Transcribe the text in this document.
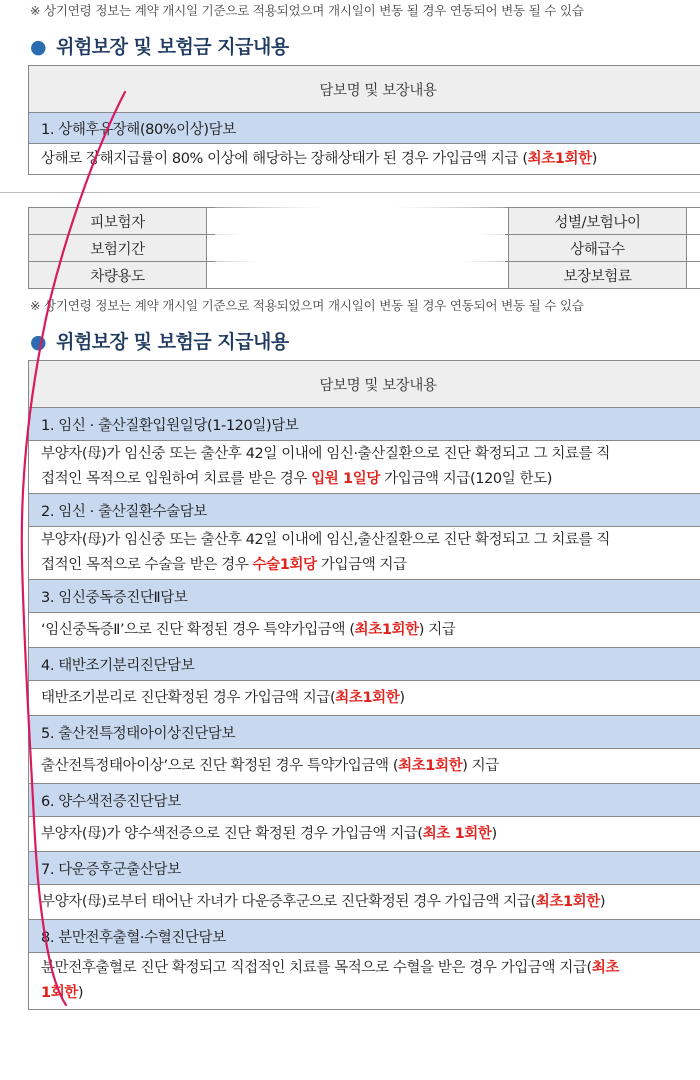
※ 상기연령 정보는 계약 개시일 기준으로 적용되었으며 개시일이 변동 될 경우 연동되어 변동 될 수 있습
● 위험보장 및 보험금 지급내용
담보명 및 보장내용
1. 상해후유장해(80%이상)담보
상해로 장해지급률이 80% 이상에 해당하는 장해상태가 된 경우 가입금액 지급 (최초1회한)
피보험자		성별/보험나이	
보험기간		상해급수	
차량용도		보장보험료	
※ 상기연령 정보는 계약 개시일 기준으로 적용되었으며 개시일이 변동 될 경우 연동되어 변동 될 수 있습
● 위험보장 및 보험금 지급내용
담보명 및 보장내용
1. 임신 · 출산질환입원일당(1-120일)담보
부양자(母)가 임신중 또는 출산후 42일 이내에 임신·출산질환으로 진단 확정되고 그 치료를 직
접적인 목적으로 입원하여 치료를 받은 경우 입원 1일당 가입금액 지급(120일 한도)
2. 임신 · 출산질환수술담보
부양자(母)가 임신중 또는 출산후 42일 이내에 임신,출산질환으로 진단 확정되고 그 치료를 직
접적인 목적으로 수술을 받은 경우 수술1회당 가입금액 지급
3. 임신중독증진단Ⅱ담보
‘임신중독증Ⅱ’으로 진단 확정된 경우 특약가입금액 (최초1회한) 지급
4. 태반조기분리진단담보
태반조기분리로 진단확정된 경우 가입금액 지급(최초1회한)
5. 출산전특정태아이상진단담보
출산전특정태아이상’으로 진단 확정된 경우 특약가입금액 (최초1회한) 지급
6. 양수색전증진단담보
부양자(母)가 양수색전증으로 진단 확정된 경우 가입금액 지급(최초 1회한)
7. 다운증후군출산담보
부양자(母)로부터 태어난 자녀가 다운증후군으로 진단확정된 경우 가입금액 지급(최초1회한)
8. 분만전후출혈·수혈진단담보
분만전후출혈로 진단 확정되고 직접적인 치료를 목적으로 수혈을 받은 경우 가입금액 지급(최초
1회한)
